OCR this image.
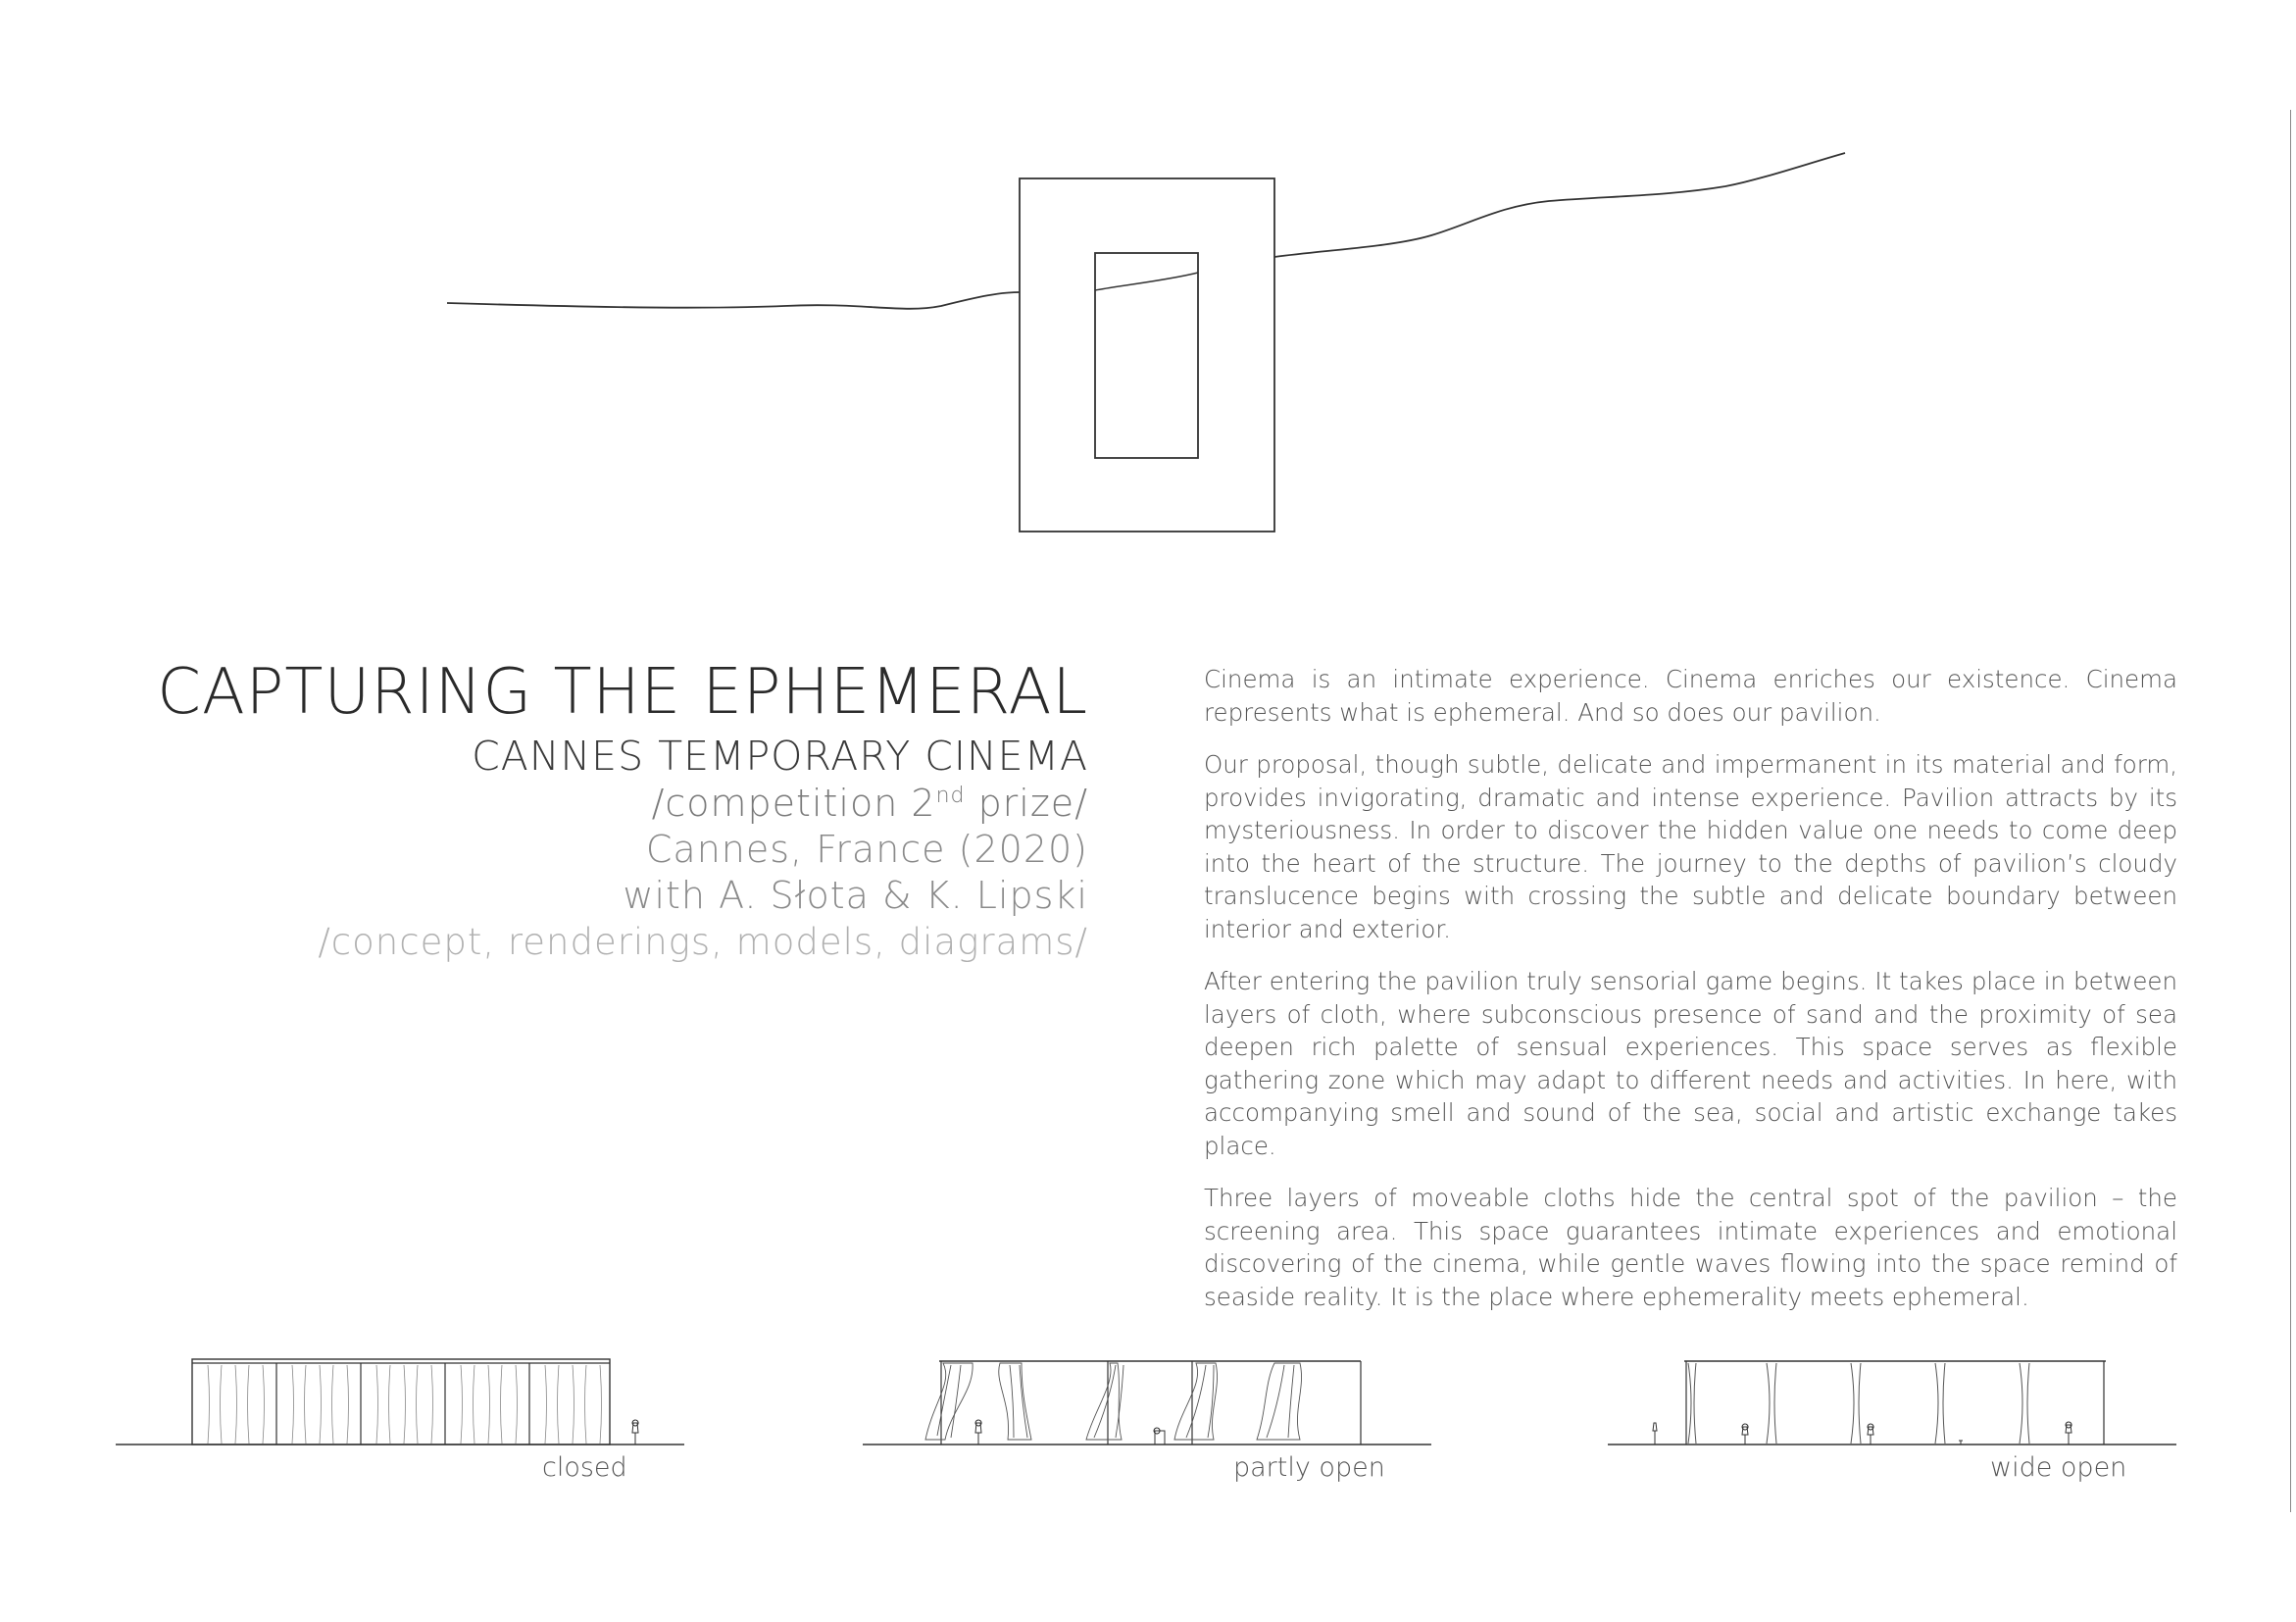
CAPTURING THE EPHEMERAL
CANNES TEMPORARY CINEMA
/competition 2nd prize/
Cannes, France (2020)
with A. Słota & K. Lipski
/concept, renderings, models, diagrams/

Cinema is an intimate experience. Cinema enriches our existence. Cinema represents what is ephemeral. And so does our pavilion.

Our proposal, though subtle, delicate and impermanent in its material and form, provides invigorating, dramatic and intense experience. Pavilion attracts by its mysteriousness. In order to discover the hidden value one needs to come deep into the heart of the structure. The journey to the depths of pavilion’s cloudy translucence begins with crossing the subtle and delicate boundary between interior and exterior.

After entering the pavilion truly sensorial game begins. It takes place in between layers of cloth, where subconscious presence of sand and the proximity of sea deepen rich palette of sensual experiences. This space serves as flexible gathering zone which may adapt to different needs and activities. In here, with accompanying smell and sound of the sea, social and artistic exchange takes place.

Three layers of moveable cloths hide the central spot of the pavilion – the screening area. This space guarantees intimate experiences and emotional discovering of the cinema, while gentle waves flowing into the space remind of seaside reality. It is the place where ephemerality meets ephemeral.

closed	partly open	wide open
